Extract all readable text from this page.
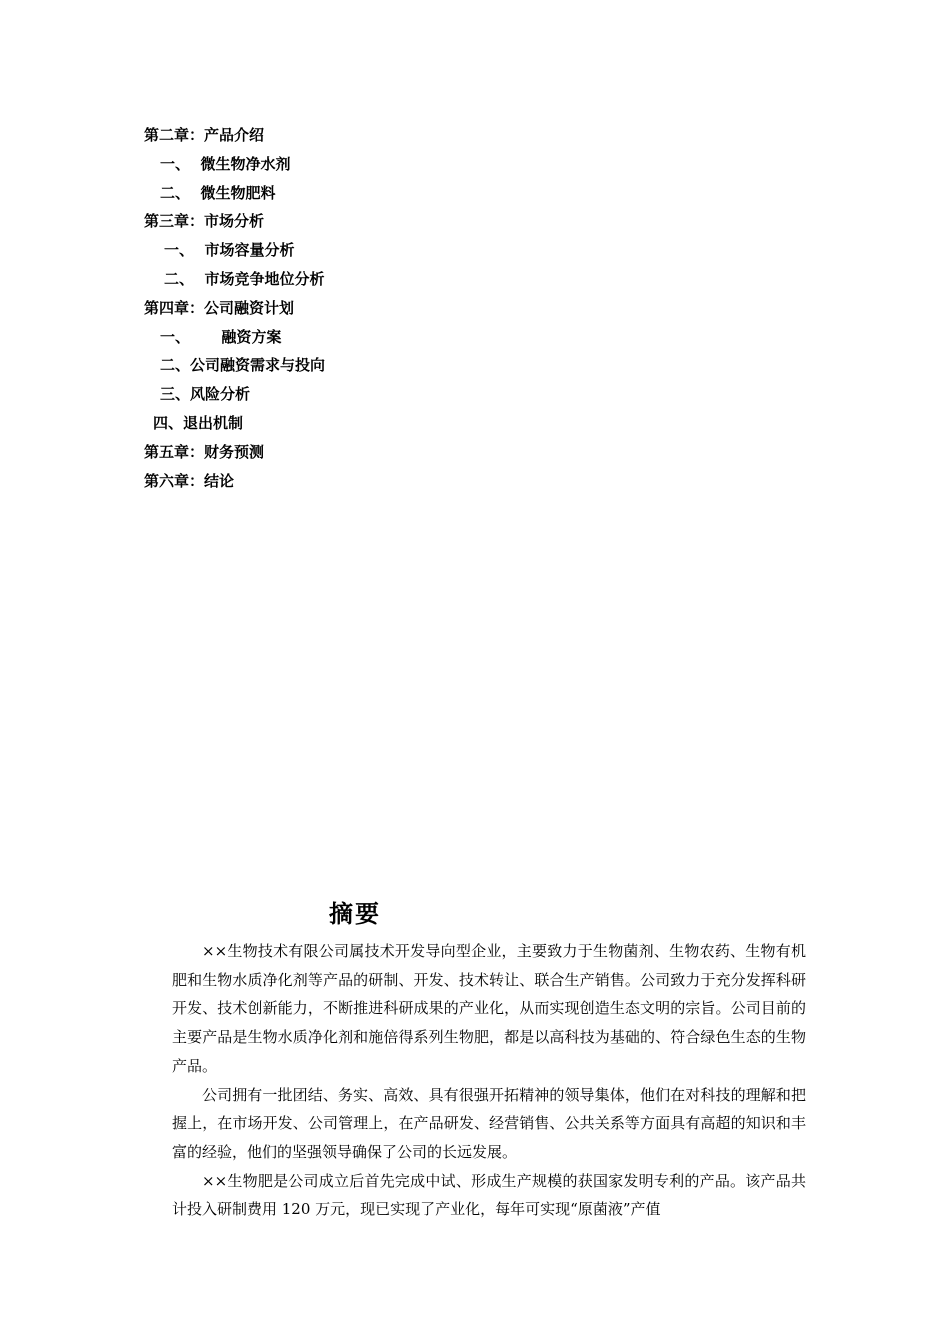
第二章：产品介绍
一、  微生物净水剂
二、  微生物肥料
第三章：市场分析
一、  市场容量分析
二、  市场竞争地位分析
第四章：公司融资计划
一、      融资方案
二、公司融资需求与投向
三、风险分析
四、退出机制
第五章：财务预测
第六章：结论
摘要

××生物技术有限公司属技术开发导向型企业，主要致力于生物菌剂、生物农药、生物有机肥和生物水质净化剂等产品的研制、开发、技术转让、联合生产销售。公司致力于充分发挥科研开发、技术创新能力，不断推进科研成果的产业化，从而实现创造生态文明的宗旨。公司目前的主要产品是生物水质净化剂和施倍得系列生物肥，都是以高科技为基础的、符合绿色生态的生物产品。

公司拥有一批团结、务实、高效、具有很强开拓精神的领导集体，他们在对科技的理解和把握上，在市场开发、公司管理上，在产品研发、经营销售、公共关系等方面具有高超的知识和丰富的经验，他们的坚强领导确保了公司的长远发展。

××生物肥是公司成立后首先完成中试、形成生产规模的获国家发明专利的产品。该产品共计投入研制费用 120 万元，现已实现了产业化，每年可实现“原菌液”产值
